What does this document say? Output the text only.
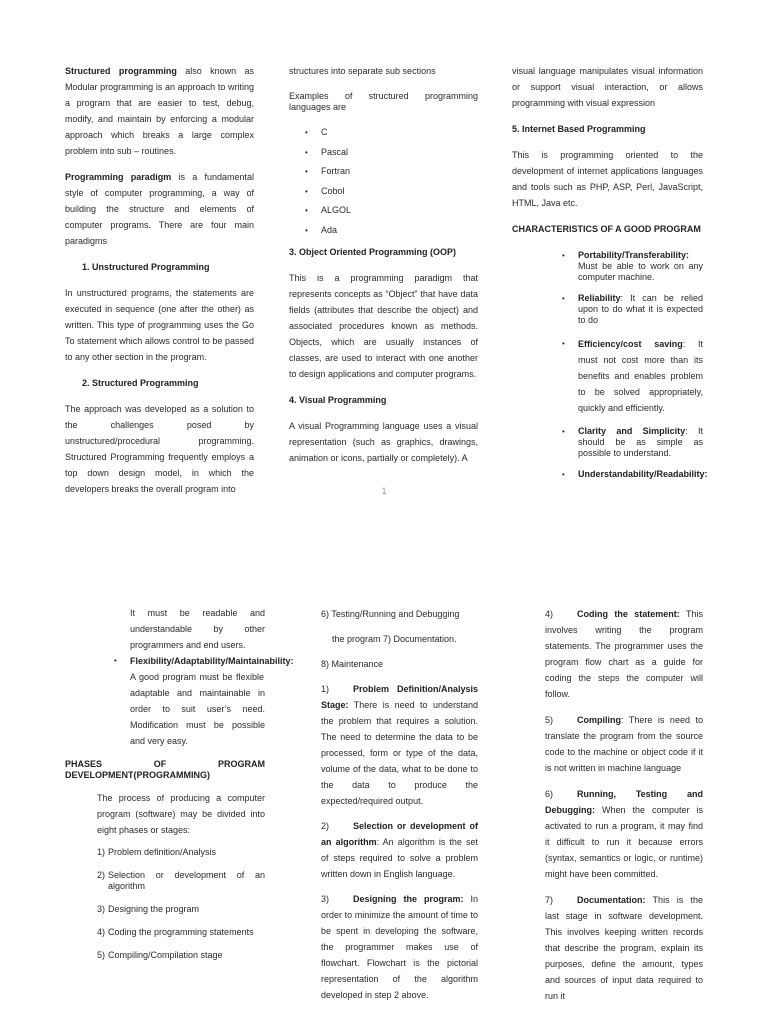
Structured programming also known as Modular programming is an approach to writing a program that are easier to test, debug, modify, and maintain by enforcing a modular approach which breaks a large complex problem into sub – routines.

Programming paradigm is a fundamental style of computer programming, a way of building the structure and elements of computer programs. There are four main paradigms

1. Unstructured Programming

In unstructured programs, the statements are executed in sequence (one after the other) as written. This type of programming uses the Go To statement which allows control to be passed to any other section in the program.

2. Structured Programming

The approach was developed as a solution to the challenges posed by unstructured/procedural programming. Structured Programming frequently employs a top down design model, in which the developers breaks the overall program into

structures into separate sub sections

Examples of structured programming languages are

• C
• Pascal
• Fortran
• Cobol
• ALGOL
• Ada

3. Object Oriented Programming (OOP)

This is a programming paradigm that represents concepts as “Object” that have data fields (attributes that describe the object) and associated procedures known as methods. Objects, which are usually instances of classes, are used to interact with one another to design applications and computer programs.

4. Visual Programming

A visual Programming language uses a visual representation (such as graphics, drawings, animation or icons, partially or completely). A

visual language manipulates visual information or support visual interaction, or allows programming with visual expression

5. Internet Based Programming

This is programming oriented to the development of internet applications languages and tools such as PHP, ASP, Perl, JavaScript, HTML, Java etc.

CHARACTERISTICS OF A GOOD PROGRAM

• Portability/Transferability: Must be able to work on any computer machine.
• Reliability: It can be relied upon to do what it is expected to do
• Efficiency/cost saving: It must not cost more than its benefits and enables problem to be solved appropriately, quickly and efficiently.
• Clarity and Simplicity: It should be as simple as possible to understand.
• Understandability/Readability:
1

It must be readable and understandable by other programmers and end users.

• Flexibility/Adaptability/Maintainability: A good program must be flexible adaptable and maintainable in order to suit user’s need. Modification must be possible and very easy.

PHASES OF PROGRAM DEVELOPMENT(PROGRAMMING)

The process of producing a computer program (software) may be divided into eight phases or stages:

1) Problem definition/Analysis
2) Selection or development of an algorithm
3) Designing the program
4) Coding the programming statements
5) Compiling/Compilation stage

6) Testing/Running and Debugging

the program 7) Documentation.

8) Maintenance

1)	Problem Definition/Analysis Stage: There is need to understand the problem that requires a solution. The need to determine the data to be processed, form or type of the data, volume of the data, what to be done to the data to produce the expected/required output.

2)	Selection or development of an algorithm: An algorithm is the set of steps required to solve a problem written down in English language.

3)	Designing the program: In order to minimize the amount of time to be spent in developing the software, the programmer makes use of flowchart. Flowchart is the pictorial representation of the algorithm developed in step 2 above.

4)	Coding the statement: This involves writing the program statements. The programmer uses the program flow chart as a guide for coding the steps the computer will follow.

5)	Compiling: There is need to translate the program from the source code to the machine or object code if it is not written in machine language

6)	Running, Testing and Debugging: When the computer is activated to run a program, it may find it difficult to run it because errors (syntax, semantics or logic, or runtime) might have been committed.

7)	Documentation: This is the last stage in software development. This involves keeping written records that describe the program, explain its purposes, define the amount, types and sources of input data required to run it
